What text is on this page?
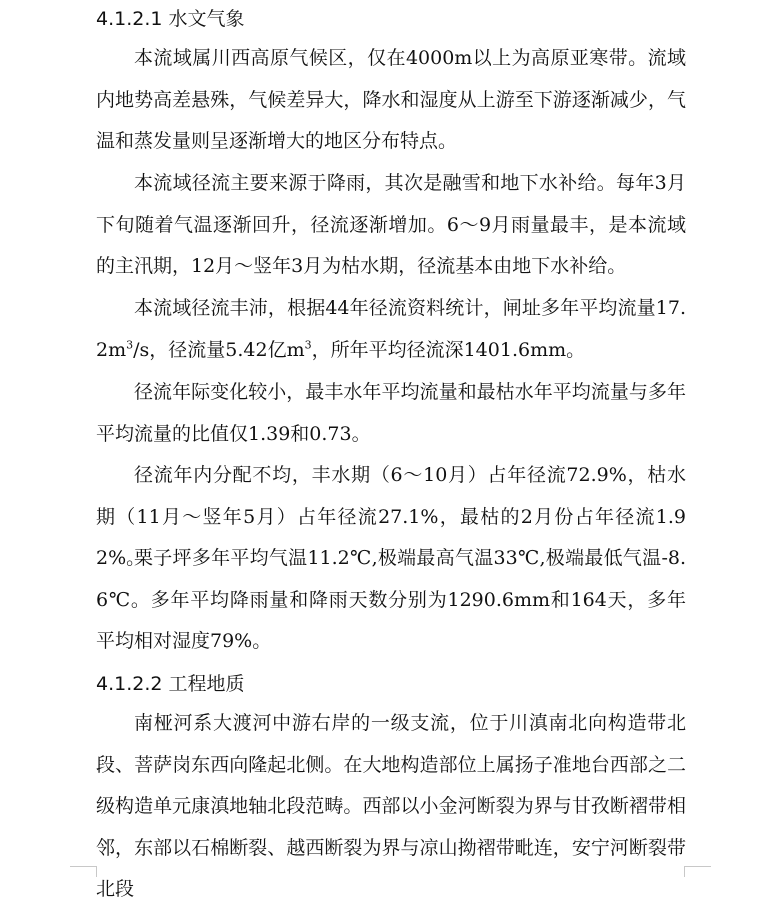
4.1.2.1 水文气象

本流域属川西高原气候区，仅在4000m以上为高原亚寒带。流域内地势高差悬殊，气候差异大，降水和湿度从上游至下游逐渐减少，气温和蒸发量则呈逐渐增大的地区分布特点。

本流域径流主要来源于降雨，其次是融雪和地下水补给。每年3月下旬随着气温逐渐回升，径流逐渐增加。6～9月雨量最丰，是本流域的主汛期，12月～竖年3月为枯水期，径流基本由地下水补给。

本流域径流丰沛，根据44年径流资料统计，闸址多年平均流量$17.2m^3/s$，径流量5.42亿$m^3$，所年平均径流深1401.6mm。

径流年际变化较小，最丰水年平均流量和最枯水年平均流量与多年平均流量的比值仅1.39和0.73。

径流年内分配不均，丰水期（6～10月）占年径流72.9%，枯水期（11月～竖年5月）占年径流27.1%，最枯的2月份占年径流1.92%。

栗子坪多年平均气温11.2℃,极端最高气温33℃,极端最低气温-8.6℃。多年平均降雨量和降雨天数分别为1290.6mm和164天，多年平均相对湿度79%。

4.1.2.2 工程地质

南桠河系大渡河中游右岸的一级支流，位于川滇南北向构造带北段、菩萨岗东西向隆起北侧。在大地构造部位上属扬子准地台西部之二级构造单元康滇地轴北段范畴。西部以小金河断裂为界与甘孜断褶带相邻，东部以石棉断裂、越西断裂为界与凉山拗褶带毗连，安宁河断裂带北段
